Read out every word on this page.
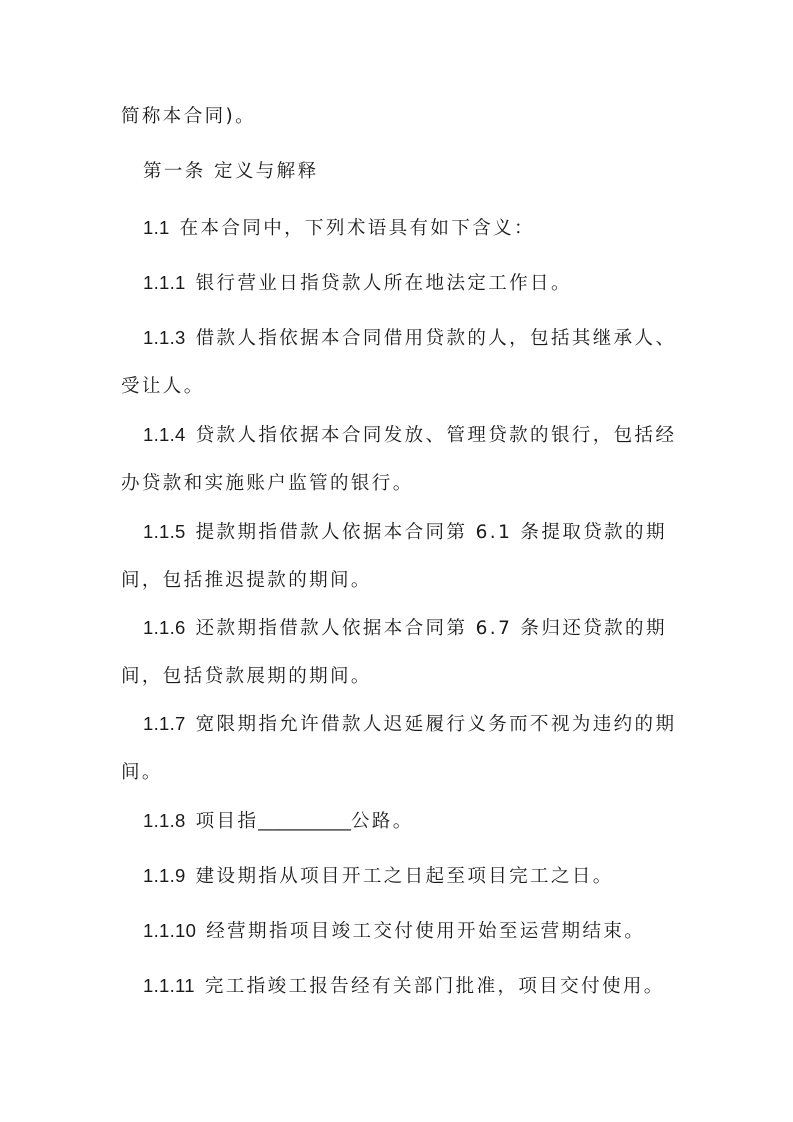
简称本合同)。

第一条 定义与解释

1.1 在本合同中，下列术语具有如下含义：

1.1.1 银行营业日指贷款人所在地法定工作日。

1.1.3 借款人指依据本合同借用贷款的人，包括其继承人、受让人。

1.1.4 贷款人指依据本合同发放、管理贷款的银行，包括经办贷款和实施账户监管的银行。

1.1.5 提款期指借款人依据本合同第 6.1 条提取贷款的期间，包括推迟提款的期间。

1.1.6 还款期指借款人依据本合同第 6.7 条归还贷款的期间，包括贷款展期的期间。

1.1.7 宽限期指允许借款人迟延履行义务而不视为违约的期间。

1.1.8 项目指_________公路。

1.1.9 建设期指从项目开工之日起至项目完工之日。

1.1.10 经营期指项目竣工交付使用开始至运营期结束。

1.1.11 完工指竣工报告经有关部门批准，项目交付使用。
